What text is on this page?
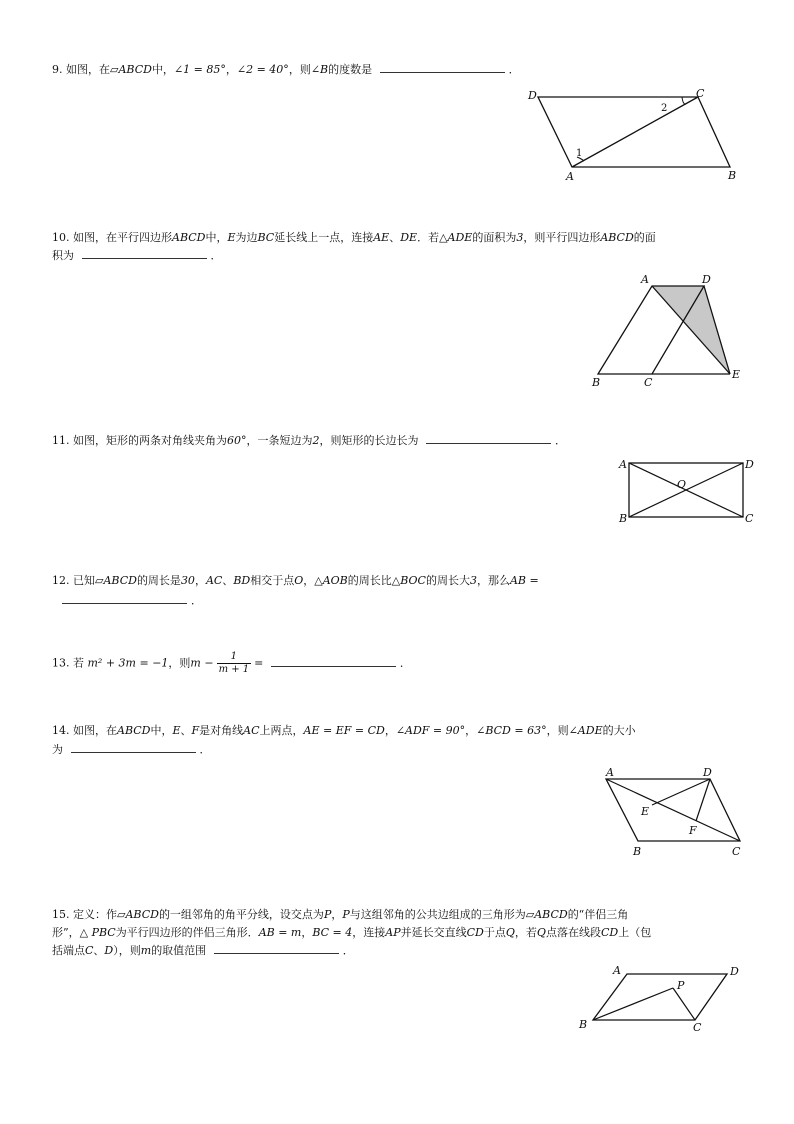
9. 如图，在▱ABCD中，∠1 = 85°，∠2 = 40°，则∠B的度数是	．
D	C
A	B
1
2
10. 如图，在平行四边形ABCD中，E为边BC延长线上一点，连接AE、DE．若△ADE的面积为3，则平行四边形ABCD的面
积为	．
A	D
B	C
E
11. 如图，矩形的两条对角线夹角为60°，一条短边为2，则矩形的长边长为	．
A	D
B	C
O
12. 已知▱ABCD的周长是30，AC、BD相交于点O，△AOB的周长比△BOC的周长大3，那么AB =
．
13. 若 m² + 3m = −1，则$m - \frac{1}{m + 1}$ =	．
14. 如图，在ABCD中，E、F是对角线AC上两点，AE = EF = CD，∠ADF = 90°，∠BCD = 63°，则∠ADE的大小
为	．
A	D
B	C
E
F
15. 定义：作▱ABCD的一组邻角的角平分线，设交点为P，P与这组邻角的公共边组成的三角形为▱ABCD的“伴侣三角
形”，△ PBC为平行四边形的伴侣三角形．AB = m，BC = 4，连接AP并延长交直线CD于点Q，若Q点落在线段CD上（包
括端点C、D），则m的取值范围	．
A	D
B	C
P
